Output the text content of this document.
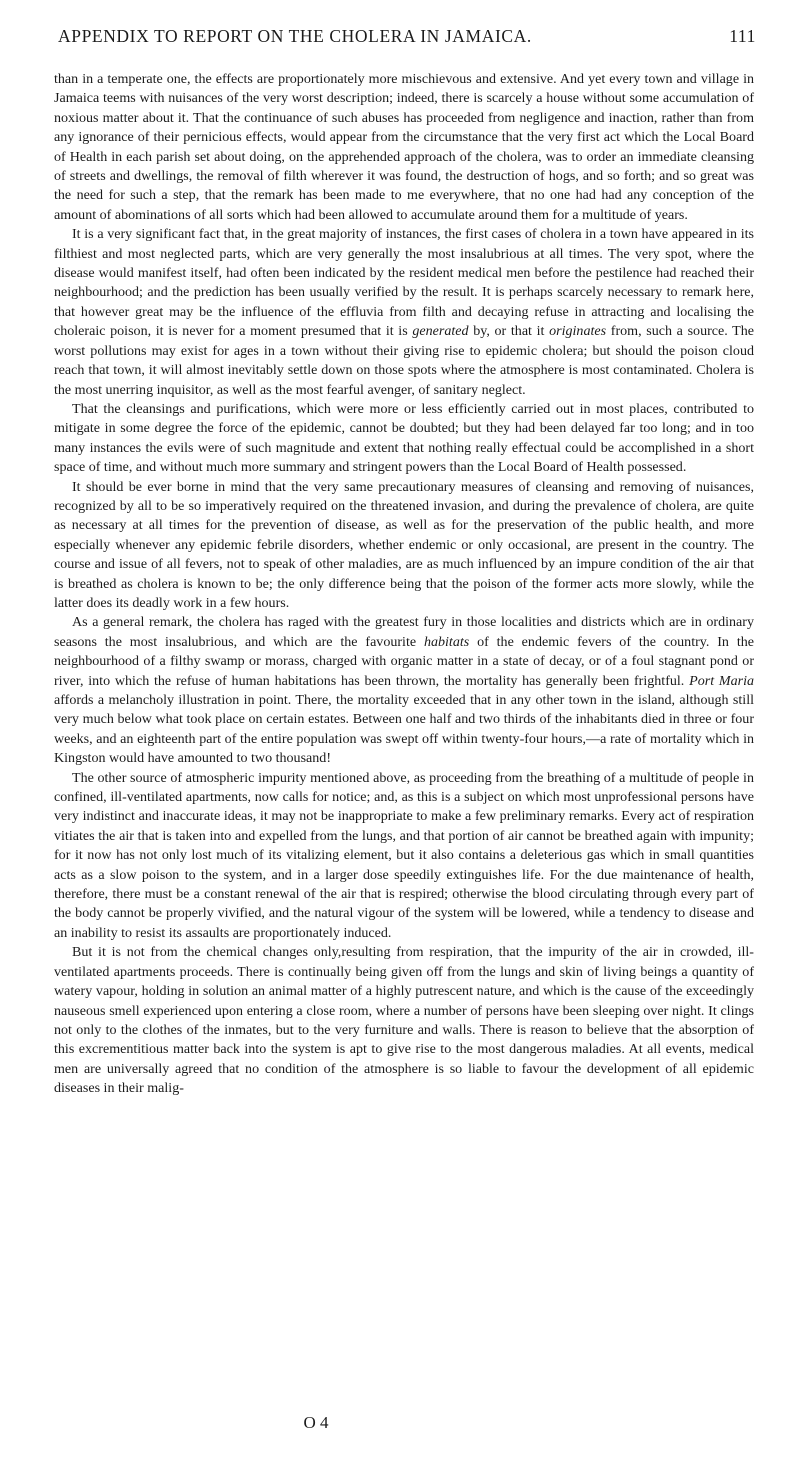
APPENDIX TO REPORT ON THE CHOLERA IN JAMAICA.	111

than in a temperate one, the effects are proportionately more mischievous and extensive. And yet every town and village in Jamaica teems with nuisances of the very worst description; indeed, there is scarcely a house without some accumulation of noxious matter about it. That the continuance of such abuses has proceeded from negligence and inaction, rather than from any ignorance of their pernicious effects, would appear from the circumstance that the very first act which the Local Board of Health in each parish set about doing, on the apprehended approach of the cholera, was to order an immediate cleansing of streets and dwellings, the removal of filth wherever it was found, the destruction of hogs, and so forth; and so great was the need for such a step, that the remark has been made to me everywhere, that no one had had any conception of the amount of abominations of all sorts which had been allowed to accumulate around them for a multitude of years.

It is a very significant fact that, in the great majority of instances, the first cases of cholera in a town have appeared in its filthiest and most neglected parts, which are very generally the most insalubrious at all times. The very spot, where the disease would manifest itself, had often been indicated by the resident medical men before the pestilence had reached their neighbourhood; and the prediction has been usually verified by the result. It is perhaps scarcely necessary to remark here, that however great may be the influence of the effluvia from filth and decaying refuse in attracting and localising the choleraic poison, it is never for a moment presumed that it is generated by, or that it originates from, such a source. The worst pollutions may exist for ages in a town without their giving rise to epidemic cholera; but should the poison cloud reach that town, it will almost inevitably settle down on those spots where the atmosphere is most contaminated. Cholera is the most unerring inquisitor, as well as the most fearful avenger, of sanitary neglect.

That the cleansings and purifications, which were more or less efficiently carried out in most places, contributed to mitigate in some degree the force of the epidemic, cannot be doubted; but they had been delayed far too long; and in too many instances the evils were of such magnitude and extent that nothing really effectual could be accomplished in a short space of time, and without much more summary and stringent powers than the Local Board of Health possessed.

It should be ever borne in mind that the very same precautionary measures of cleansing and removing of nuisances, recognized by all to be so imperatively required on the threatened invasion, and during the prevalence of cholera, are quite as necessary at all times for the prevention of disease, as well as for the preservation of the public health, and more especially whenever any epidemic febrile disorders, whether endemic or only occasional, are present in the country. The course and issue of all fevers, not to speak of other maladies, are as much influenced by an impure condition of the air that is breathed as cholera is known to be; the only difference being that the poison of the former acts more slowly, while the latter does its deadly work in a few hours.

As a general remark, the cholera has raged with the greatest fury in those localities and districts which are in ordinary seasons the most insalubrious, and which are the favourite habitats of the endemic fevers of the country. In the neighbourhood of a filthy swamp or morass, charged with organic matter in a state of decay, or of a foul stagnant pond or river, into which the refuse of human habitations has been thrown, the mortality has generally been frightful. Port Maria affords a melancholy illustration in point. There, the mortality exceeded that in any other town in the island, although still very much below what took place on certain estates. Between one half and two thirds of the inhabitants died in three or four weeks, and an eighteenth part of the entire population was swept off within twenty-four hours,—a rate of mortality which in Kingston would have amounted to two thousand!

The other source of atmospheric impurity mentioned above, as proceeding from the breathing of a multitude of people in confined, ill-ventilated apartments, now calls for notice; and, as this is a subject on which most unprofessional persons have very indistinct and inaccurate ideas, it may not be inappropriate to make a few preliminary remarks. Every act of respiration vitiates the air that is taken into and expelled from the lungs, and that portion of air cannot be breathed again with impunity; for it now has not only lost much of its vitalizing element, but it also contains a deleterious gas which in small quantities acts as a slow poison to the system, and in a larger dose speedily extinguishes life. For the due maintenance of health, therefore, there must be a constant renewal of the air that is respired; otherwise the blood circulating through every part of the body cannot be properly vivified, and the natural vigour of the system will be lowered, while a tendency to disease and an inability to resist its assaults are proportionately induced.

But it is not from the chemical changes only,resulting from respiration, that the impurity of the air in crowded, ill-ventilated apartments proceeds. There is continually being given off from the lungs and skin of living beings a quantity of watery vapour, holding in solution an animal matter of a highly putrescent nature, and which is the cause of the exceedingly nauseous smell experienced upon entering a close room, where a number of persons have been sleeping over night. It clings not only to the clothes of the inmates, but to the very furniture and walls. There is reason to believe that the absorption of this excrementitious matter back into the system is apt to give rise to the most dangerous maladies. At all events, medical men are universally agreed that no condition of the atmosphere is so liable to favour the development of all epidemic diseases in their malig-

O 4
